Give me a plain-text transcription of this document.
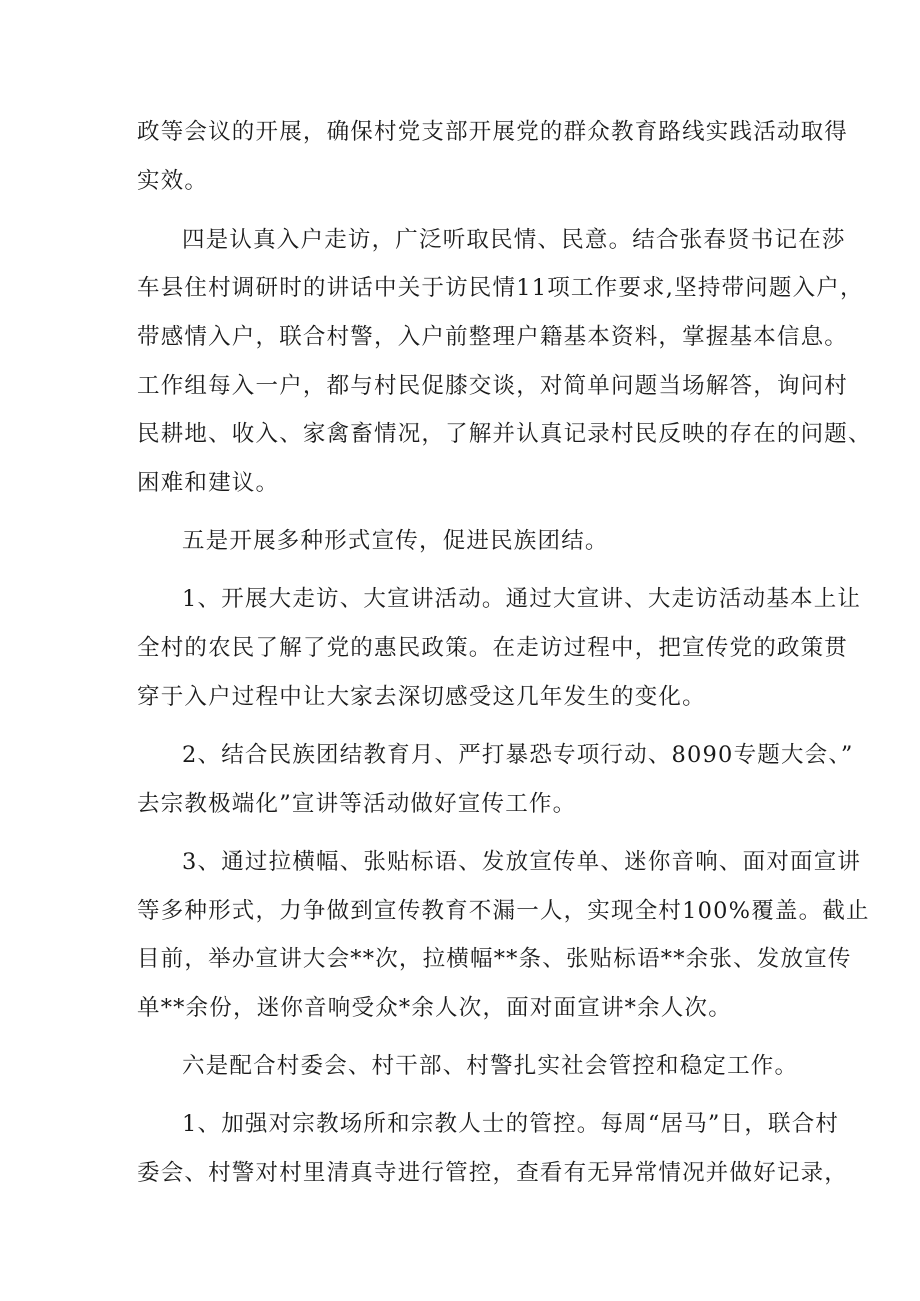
政等会议的开展，确保村党支部开展党的群众教育路线实践活动取得
实效。
四是认真入户走访，广泛听取民情、民意。结合张春贤书记在莎
车县住村调研时的讲话中关于访民情11项工作要求,坚持带问题入户，
带感情入户，联合村警，入户前整理户籍基本资料，掌握基本信息。
工作组每入一户，都与村民促膝交谈，对简单问题当场解答，询问村
民耕地、收入、家禽畜情况，了解并认真记录村民反映的存在的问题、
困难和建议。
五是开展多种形式宣传，促进民族团结。
1、开展大走访、大宣讲活动。通过大宣讲、大走访活动基本上让
全村的农民了解了党的惠民政策。在走访过程中，把宣传党的政策贯
穿于入户过程中让大家去深切感受这几年发生的变化。
2、结合民族团结教育月、严打暴恐专项行动、8090专题大会、”
去宗教极端化”宣讲等活动做好宣传工作。
3、通过拉横幅、张贴标语、发放宣传单、迷你音响、面对面宣讲
等多种形式，力争做到宣传教育不漏一人，实现全村100%覆盖。截止
目前，举办宣讲大会**次，拉横幅**条、张贴标语**余张、发放宣传
单**余份，迷你音响受众*余人次，面对面宣讲*余人次。
六是配合村委会、村干部、村警扎实社会管控和稳定工作。
1、加强对宗教场所和宗教人士的管控。每周“居马”日，联合村
委会、村警对村里清真寺进行管控，查看有无异常情况并做好记录，
